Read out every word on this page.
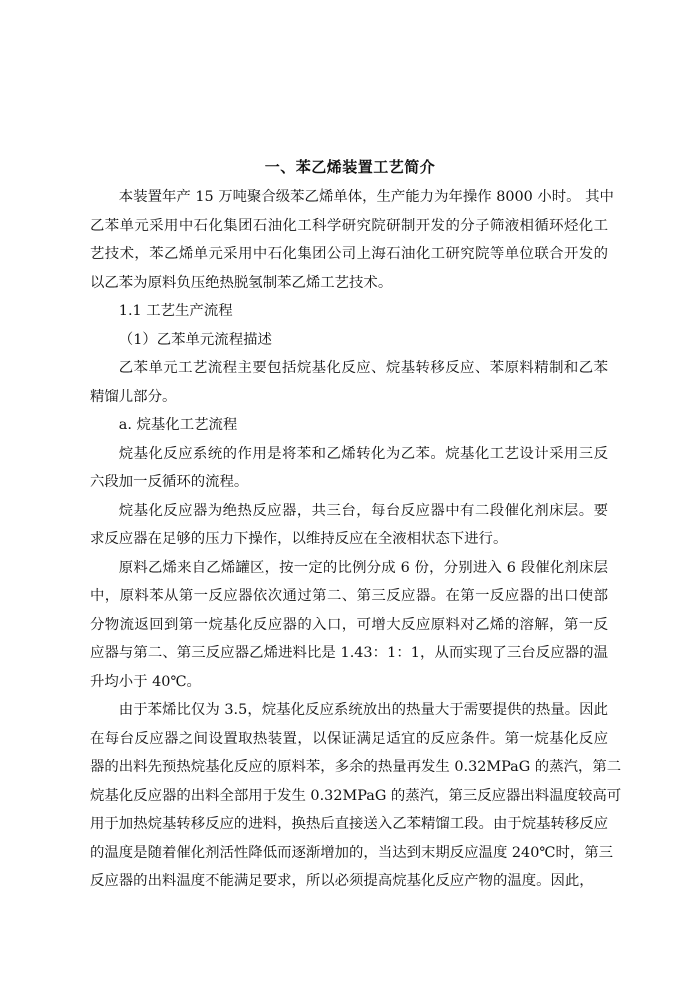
一、苯乙烯装置工艺简介
本装置年产 15 万吨聚合级苯乙烯单体，生产能力为年操作 8000 小时。 其中
乙苯单元采用中石化集团石油化工科学研究院研制开发的分子筛液相循环烃化工
艺技术，苯乙烯单元采用中石化集团公司上海石油化工研究院等单位联合开发的
以乙苯为原料负压绝热脱氢制苯乙烯工艺技术。
1.1 工艺生产流程
（1）乙苯单元流程描述
乙苯单元工艺流程主要包括烷基化反应、烷基转移反应、苯原料精制和乙苯
精馏儿部分。
a. 烷基化工艺流程
烷基化反应系统的作用是将苯和乙烯转化为乙苯。烷基化工艺设计采用三反
六段加一反循环的流程。
烷基化反应器为绝热反应器，共三台，每台反应器中有二段催化剂床层。要
求反应器在足够的压力下操作，以维持反应在全液相状态下进行。
原料乙烯来自乙烯罐区，按一定的比例分成 6 份，分别进入 6 段催化剂床层
中，原料苯从第一反应器依次通过第二、第三反应器。在第一反应器的出口使部
分物流返回到第一烷基化反应器的入口，可增大反应原料对乙烯的溶解，第一反
应器与第二、第三反应器乙烯进料比是 1.43：1：1，从而实现了三台反应器的温
升均小于 40℃。
由于苯烯比仅为 3.5，烷基化反应系统放出的热量大于需要提供的热量。因此
在每台反应器之间设置取热装置，以保证满足适宜的反应条件。第一烷基化反应
器的出料先预热烷基化反应的原料苯，多余的热量再发生 0.32MPaG 的蒸汽，第二
烷基化反应器的出料全部用于发生 0.32MPaG 的蒸汽，第三反应器出料温度较高可
用于加热烷基转移反应的进料，换热后直接送入乙苯精馏工段。由于烷基转移反应
的温度是随着催化剂活性降低而逐渐增加的，当达到末期反应温度 240℃时，第三
反应器的出料温度不能满足要求，所以必须提高烷基化反应产物的温度。因此，
